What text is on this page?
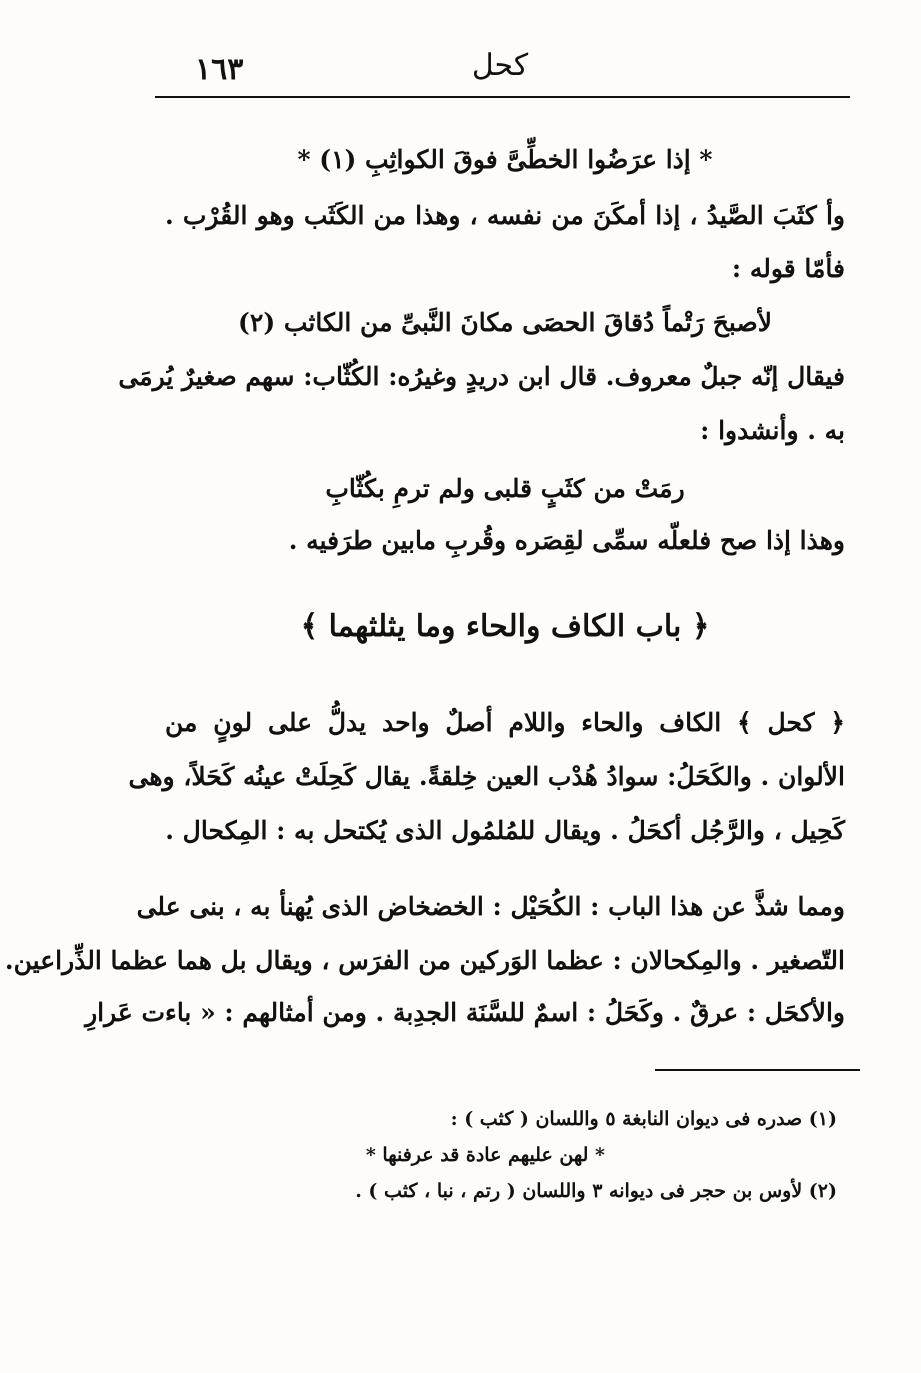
١٦٣	كحل
* إذا عرَضُوا الخطِّىَّ فوقَ الكواثِبِ (١) *
وأ كثَبَ الصَّيدُ ، إذا أمكَنَ من نفسه ، وهذا من الكَثَب وهو القُرْب .
فأمّا قوله :
لأصبحَ رَتْماً دُقاقَ الحصَى مكانَ النَّبىِّ من الكاثب (٢)
فيقال إنّه جبلٌ معروف. قال ابن دريدٍ وغيرُه: الكُثّاب: سهم صغيرٌ يُرمَى
به . وأنشدوا :
رمَتْ من كثَبٍ قلبى ولم ترمِ بكُثّابِ
وهذا إذا صح فلعلّه سمِّى لقِصَره وقُربِ مابين طرَفيه .
﴿ باب الكاف والحاء وما يثلثهما ﴾
﴿ كحل ﴾ الكاف والحاء واللام أصلٌ واحد يدلُّ على لونٍ من
الألوان . والكَحَلُ: سوادُ هُدْب العين خِلقةً. يقال كَحِلَتْ عينُه كَحَلاً، وهى
كَحِيل ، والرَّجُل أكحَلُ . ويقال للمُلمُول الذى يُكتحل به : المِكحال .
ومما شذَّ عن هذا الباب : الكُحَيْل : الخضخاض الذى يُهنأ به ، بنى على
التّصغير . والمِكحالان : عظما الوَركين من الفرَس ، ويقال بل هما عظما الذِّراعين.
والأكحَل : عرقٌ . وكَحَلُ : اسمٌ للسَّنَة الجدِبة . ومن أمثالهم : « باءت عَرارِ
(١) صدره فى ديوان النابغة ٥ واللسان ( كثب ) :
* لهن عليهم عادة قد عرفنها *
(٢) لأوس بن حجر فى ديوانه ٣ واللسان ( رتم ، نبا ، كثب ) .
